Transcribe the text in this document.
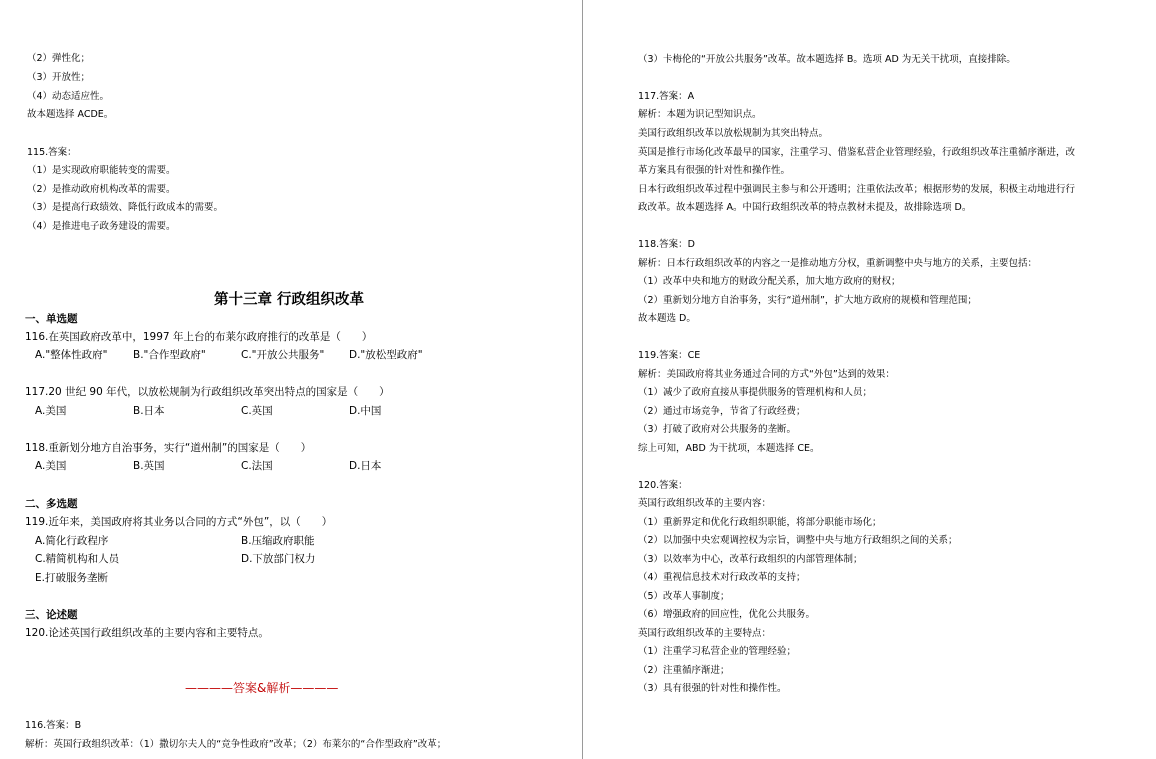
（2）弹性化；
（3）开放性；
（4）动态适应性。
故本题选择 ACDE。
115.答案：
（1）是实现政府职能转变的需要。
（2）是推动政府机构改革的需要。
（3）是提高行政绩效、降低行政成本的需要。
（4）是推进电子政务建设的需要。
第十三章 行政组织改革
一、单选题
116.在英国政府改革中，1997 年上台的布莱尔政府推行的改革是（　　）
A."整体性政府" B."合作型政府"	C."开放公共服务" D."放松型政府"
117.20 世纪 90 年代，以放松规制为行政组织改革突出特点的国家是（　　）
A.美国	B.日本	C.英国	D.中国
118.重新划分地方自治事务，实行“道州制”的国家是（　　）
A.美国	B.英国	C.法国	D.日本
二、多选题
119.近年来，美国政府将其业务以合同的方式“外包”，以（　　）
A.简化行政程序	B.压缩政府职能
C.精简机构和人员	D.下放部门权力
E.打破服务垄断
三、论述题
120.论述英国行政组织改革的主要内容和主要特点。
————答案&解析————
116.答案：B
解析：英国行政组织改革：（1）撒切尔夫人的“竞争性政府”改革；（2）布莱尔的“合作型政府”改革；
（3）卡梅伦的“开放公共服务”改革。故本题选择 B。选项 AD 为无关干扰项，直接排除。
117.答案：A
解析：本题为识记型知识点。
美国行政组织改革以放松规制为其突出特点。
英国是推行市场化改革最早的国家，注重学习、借鉴私营企业管理经验，行政组织改革注重循序渐进，改
革方案具有很强的针对性和操作性。
日本行政组织改革过程中强调民主参与和公开透明；注重依法改革；根据形势的发展，积极主动地进行行
政改革。故本题选择 A。中国行政组织改革的特点教材未提及，故排除选项 D。
118.答案：D
解析：日本行政组织改革的内容之一是推动地方分权，重新调整中央与地方的关系，主要包括：
（1）改革中央和地方的财政分配关系，加大地方政府的财权；
（2）重新划分地方自治事务，实行“道州制”，扩大地方政府的规模和管理范围；
故本题选 D。
119.答案：CE
解析：美国政府将其业务通过合同的方式“外包”达到的效果：
（1）减少了政府直接从事提供服务的管理机构和人员；
（2）通过市场竞争，节省了行政经费；
（3）打破了政府对公共服务的垄断。
综上可知，ABD 为干扰项，本题选择 CE。
120.答案：
英国行政组织改革的主要内容：
（1）重新界定和优化行政组织职能，将部分职能市场化；
（2）以加强中央宏观调控权为宗旨，调整中央与地方行政组织之间的关系；
（3）以效率为中心，改革行政组织的内部管理体制；
（4）重视信息技术对行政改革的支持；
（5）改革人事制度；
（6）增强政府的回应性，优化公共服务。
英国行政组织改革的主要特点：
（1）注重学习私营企业的管理经验；
（2）注重循序渐进；
（3）具有很强的针对性和操作性。
